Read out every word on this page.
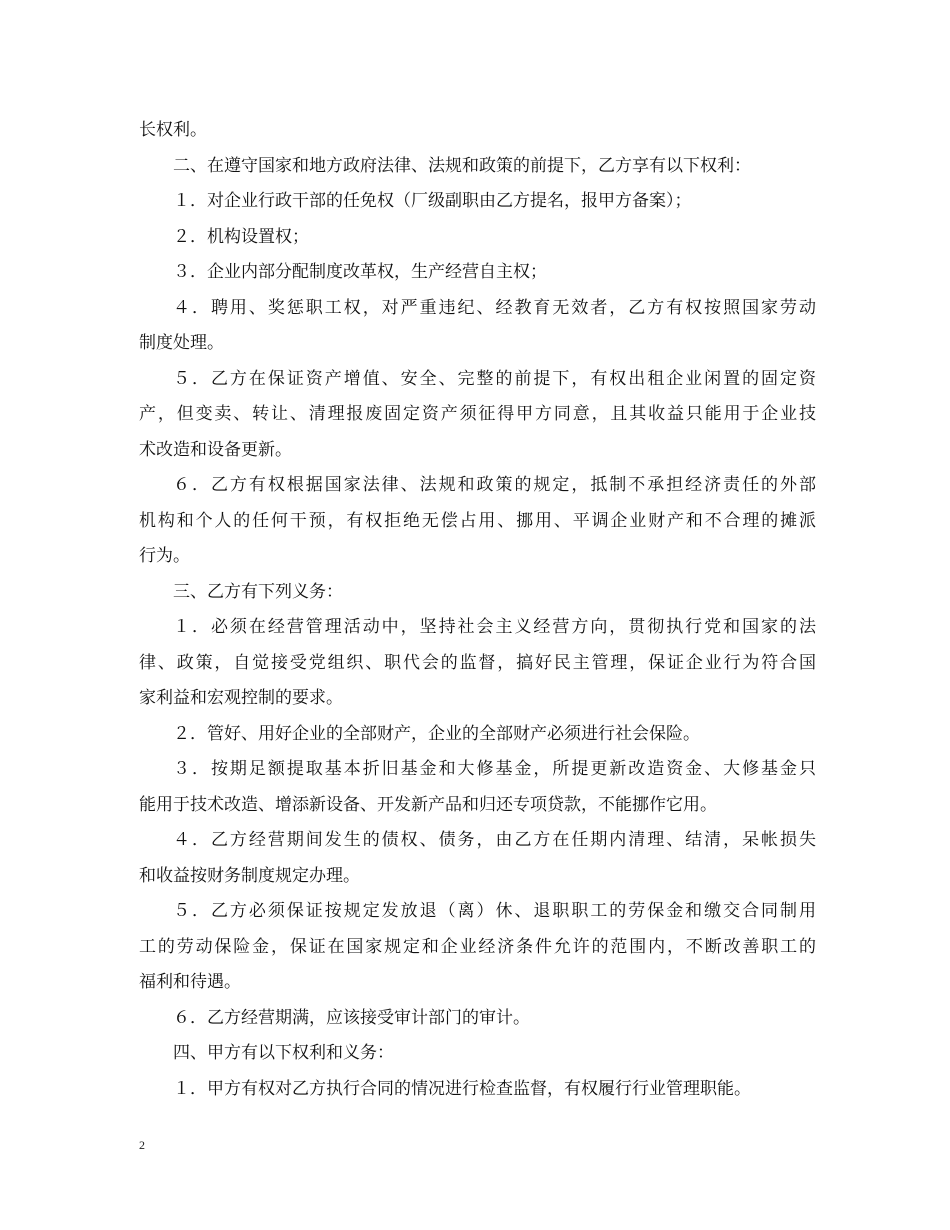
长权利。
二、在遵守国家和地方政府法律、法规和政策的前提下，乙方享有以下权利：
１．对企业行政干部的任免权（厂级副职由乙方提名，报甲方备案）；
２．机构设置权；
３．企业内部分配制度改革权，生产经营自主权；
４．聘用、奖惩职工权，对严重违纪、经教育无效者，乙方有权按照国家劳动
制度处理。
５．乙方在保证资产增值、安全、完整的前提下，有权出租企业闲置的固定资
产，但变卖、转让、清理报废固定资产须征得甲方同意，且其收益只能用于企业技
术改造和设备更新。
６．乙方有权根据国家法律、法规和政策的规定，抵制不承担经济责任的外部
机构和个人的任何干预，有权拒绝无偿占用、挪用、平调企业财产和不合理的摊派
行为。
三、乙方有下列义务：
１．必须在经营管理活动中，坚持社会主义经营方向，贯彻执行党和国家的法
律、政策，自觉接受党组织、职代会的监督，搞好民主管理，保证企业行为符合国
家利益和宏观控制的要求。
２．管好、用好企业的全部财产，企业的全部财产必须进行社会保险。
３．按期足额提取基本折旧基金和大修基金，所提更新改造资金、大修基金只
能用于技术改造、增添新设备、开发新产品和归还专项贷款，不能挪作它用。
４．乙方经营期间发生的债权、债务，由乙方在任期内清理、结清，呆帐损失
和收益按财务制度规定办理。
５．乙方必须保证按规定发放退（离）休、退职职工的劳保金和缴交合同制用
工的劳动保险金，保证在国家规定和企业经济条件允许的范围内，不断改善职工的
福利和待遇。
６．乙方经营期满，应该接受审计部门的审计。
四、甲方有以下权利和义务：
１．甲方有权对乙方执行合同的情况进行检查监督，有权履行行业管理职能。
2
